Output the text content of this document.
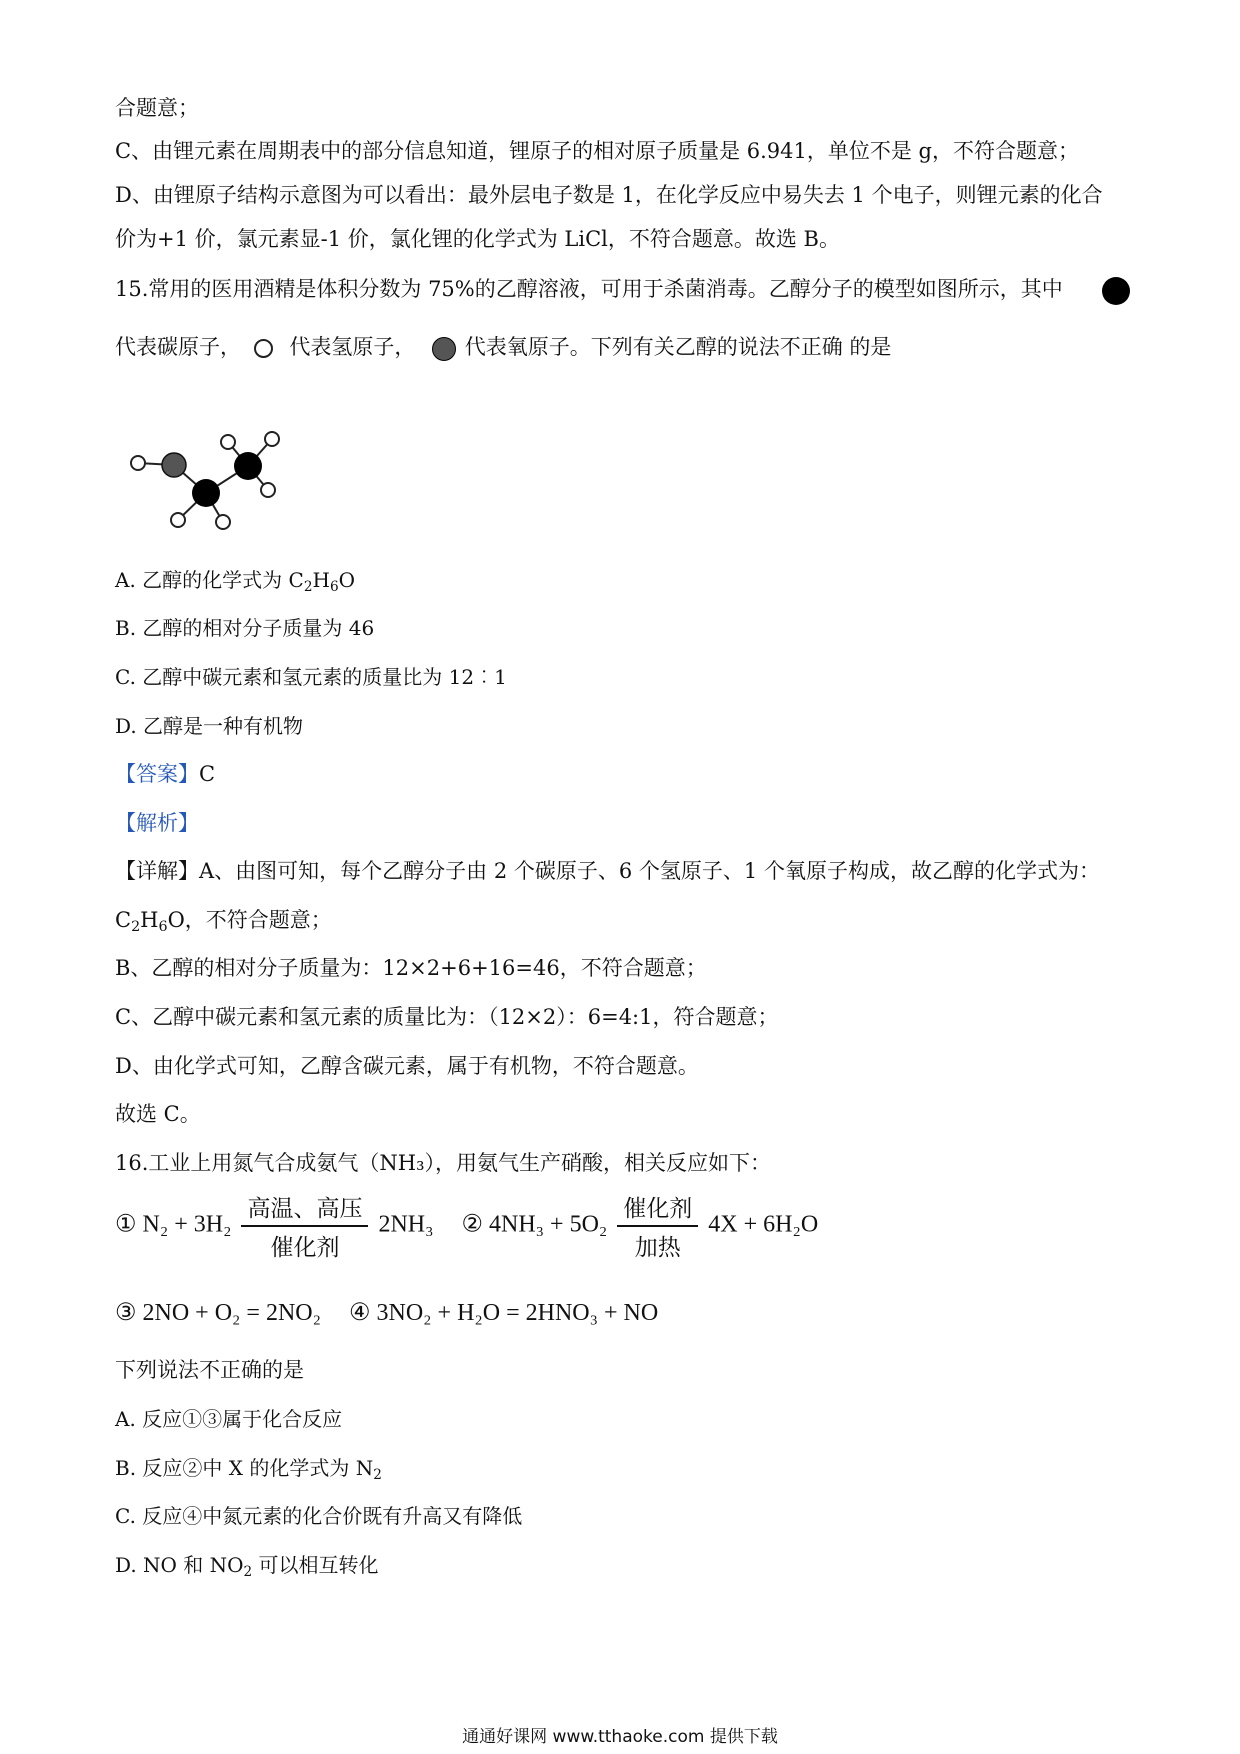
合题意；
C、由锂元素在周期表中的部分信息知道，锂原子的相对原子质量是 6.941，单位不是 g，不符合题意；
D、由锂原子结构示意图为可以看出：最外层电子数是 1，在化学反应中易失去 1 个电子，则锂元素的化合
价为+1 价，氯元素显-1 价，氯化锂的化学式为 LiCl，不符合题意。故选 B。
15.常用的医用酒精是体积分数为 75%的乙醇溶液，可用于杀菌消毒。乙醇分子的模型如图所示，其中
代表碳原子， 代表氢原子， 代表氧原子。下列有关乙醇的说法不正确 的是
A. 乙醇的化学式为 $C_2H_6O$
B. 乙醇的相对分子质量为 46
C. 乙醇中碳元素和氢元素的质量比为 12︰1
D. 乙醇是一种有机物
【答案】C
【解析】
【详解】A、由图可知，每个乙醇分子由 2 个碳原子、6 个氢原子、1 个氧原子构成，故乙醇的化学式为：
$C_2H_6O$，不符合题意；
B、乙醇的相对分子质量为：12×2+6+16=46，不符合题意；
C、乙醇中碳元素和氢元素的质量比为：（12×2）：6=4:1，符合题意；
D、由化学式可知，乙醇含碳元素，属于有机物，不符合题意。
故选 C。
16.工业上用氮气合成氨气（NH₃），用氨气生产硝酸，相关反应如下：
① $N_2 + 3H_2 \frac{\text{高温、高压}}{\text{催化剂}} 2NH_3$ ② $4NH_3 + 5O_2 \frac{\text{催化剂}}{\text{加热}} 4X + 6H_2O$
③ 2NO + O₂ = 2NO₂ ④ 3NO₂ + H₂O = 2HNO₃ + NO
下列说法不正确的是
A. 反应①③属于化合反应
B. 反应②中 X 的化学式为 $N_2$
C. 反应④中氮元素的化合价既有升高又有降低
D. NO 和 $NO_2$ 可以相互转化
通通好课网 www.tthaoke.com 提供下载
